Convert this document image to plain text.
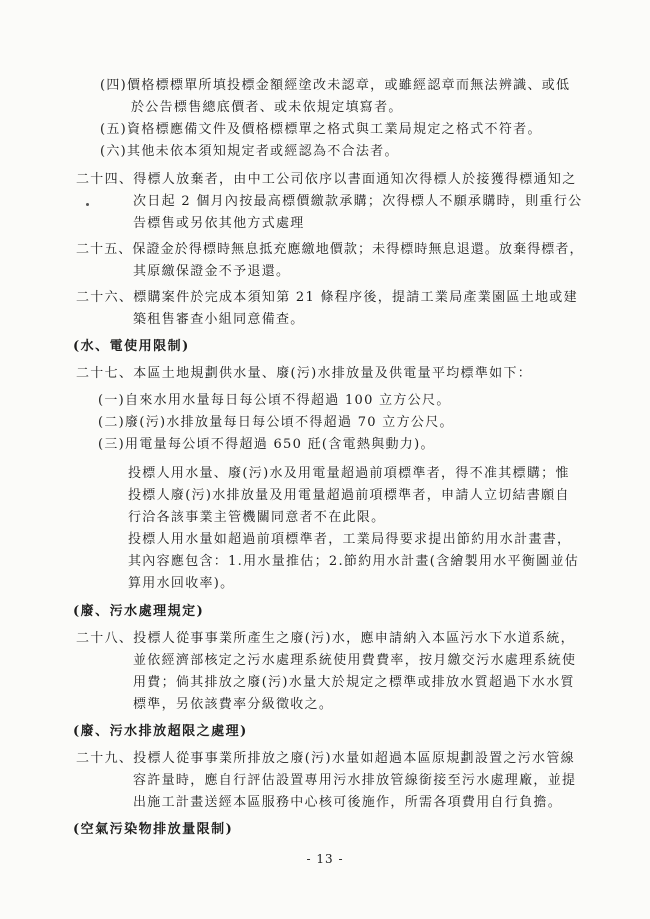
(四)價格標標單所填投標金額經塗改未認章，或雖經認章而無法辨識、或低
於公告標售總底價者、或未依規定填寫者。
(五)資格標應備文件及價格標標單之格式與工業局規定之格式不符者。
(六)其他未依本須知規定者或經認為不合法者。
二十四、得標人放棄者，由中工公司依序以書面通知次得標人於接獲得標通知之
次日起 2 個月內按最高標價繳款承購；次得標人不願承購時，則重行公
告標售或另依其他方式處理
二十五、保證金於得標時無息抵充應繳地價款；未得標時無息退還。放棄得標者，
其原繳保證金不予退還。
二十六、標購案件於完成本須知第 21 條程序後，提請工業局產業園區土地或建
築租售審查小組同意備查。
(水、電使用限制)
二十七、本區土地規劃供水量、廢(污)水排放量及供電量平均標準如下：
(一)自來水用水量每日每公頃不得超過 100 立方公尺。
(二)廢(污)水排放量每日每公頃不得超過 70 立方公尺。
(三)用電量每公頃不得超過 650 瓩(含電熱與動力)。
投標人用水量、廢(污)水及用電量超過前項標準者，得不准其標購；惟
投標人廢(污)水排放量及用電量超過前項標準者，申請人立切結書願自
行洽各該事業主管機關同意者不在此限。
投標人用水量如超過前項標準者，工業局得要求提出節約用水計畫書，
其內容應包含：1.用水量推估；2.節約用水計畫(含繪製用水平衡圖並估
算用水回收率)。
(廢、污水處理規定)
二十八、投標人從事事業所產生之廢(污)水，應申請納入本區污水下水道系統，
並依經濟部核定之污水處理系統使用費費率，按月繳交污水處理系統使
用費；倘其排放之廢(污)水量大於規定之標準或排放水質超過下水水質
標準，另依該費率分級徵收之。
(廢、污水排放超限之處理)
二十九、投標人從事事業所排放之廢(污)水量如超過本區原規劃設置之污水管線
容許量時，應自行評估設置專用污水排放管線銜接至污水處理廠，並提
出施工計畫送經本區服務中心核可後施作，所需各項費用自行負擔。
(空氣污染物排放量限制)
- 13 -
